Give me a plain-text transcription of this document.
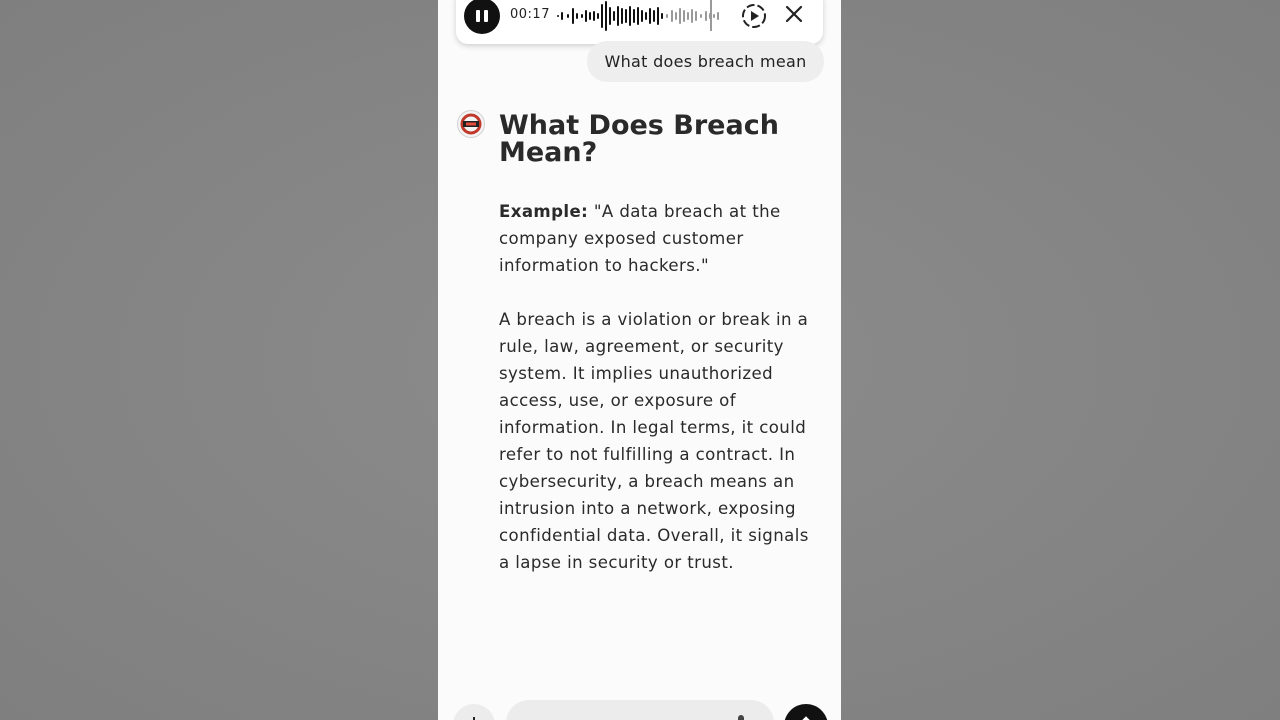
00:17
What does breach mean
What Does Breach Mean?

Example: "A data breach at the company exposed customer information to hackers."

A breach is a violation or break in a rule, law, agreement, or security system. It implies unauthorized access, use, or exposure of information. In legal terms, it could refer to not fulfilling a contract. In cybersecurity, a breach means an intrusion into a network, exposing confidential data. Overall, it signals a lapse in security or trust.
